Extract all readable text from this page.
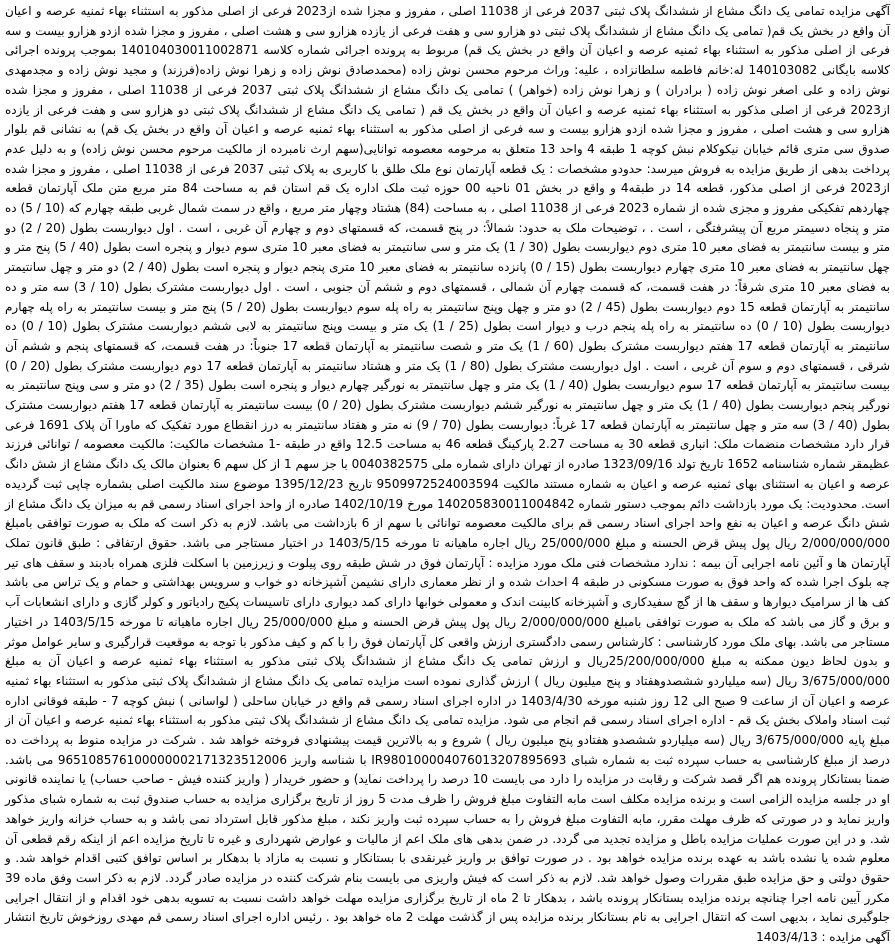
آگهی مزایده تمامی یک دانگ مشاع از ششدانگ پلاک ثبتی 2037 فرعی از 11038 اصلی ، مفروز و مجزا شده از2023 فرعی از اصلی مذکور به استثناء بهاء ثمنیه عرصه و اعیان آن واقع در بخش یک قم( تمامی یک دانگ مشاع از ششدانگ پلاک ثبتی دو هزارو سی و هفت فرعی از یازده هزارو سی و هشت اصلی ، مفروز و مجزا شده ازدو هزارو بیست و سه فرعی از اصلی مذکور به استثناء بهاء ثمنیه عرصه و اعیان آن واقع در بخش یک قم) مربوط به پرونده اجرائی شماره کلاسه 140104030011002871 بموجب پرونده اجرائی کلاسه بایگانی 140103082 له:خانم فاطمه سلطانزاده ، علیه: وراث مرحوم محسن نوش زاده (محمدصادق نوش زاده و زهرا نوش زاده(فرزند) و مجید نوش زاده و مجدمهدی نوش زاده و علی اصغر نوش زاده ( برادران ) و زهرا نوش زاده (خواهر) ) تمامی یک دانگ مشاع از ششدانگ پلاک ثبتی 2037 فرعی از 11038 اصلی ، مفروز و مجزا شده از2023 فرعی از اصلی مذکور به استثناء بهاء ثمنیه عرصه و اعیان آن واقع در بخش یک قم ( تمامی یک دانگ مشاع از ششدانگ پلاک ثبتی دو هزارو سی و هفت فرعی از یازده هزارو سی و هشت اصلی ، مفروز و مجزا شده ازدو هزارو بیست و سه فرعی از اصلی مذکور به استثناء بهاء ثمنیه عرصه و اعیان آن واقع در بخش یک قم) به نشانی قم بلوار صدوق سی متری قائم خیابان نیکوکلام نبش کوچه 1 طبقه 4 واحد 13 متعلق به مرحومه معصومه توانایی(سهم ارث نامبرده از مالکیت مرحوم محسن نوش زاده) و به دلیل عدم پرداخت بدهی از طریق مزایده به فروش میرسد: حدودو مشخصات : یک قطعه آپارتمان نوع ملک طلق با کاربری به پلاک ثبتی 2037 فرعی از 11038 اصلی ، مفروز و مجزا شده از2023 فرعی از اصلی مذکور، قطعه 14 در طبقه4 و واقع در بخش 01 ناحیه 00 حوزه ثبت ملک اداره یک قم استان قم به مساحت 84 متر مربع متن ملک آپارتمان قطعه چهاردهم تفکیکی مفروز و مجزی شده از شماره 2023 فرعی از 11038 اصلی ، به مساحت (84) هشتاد وچهار متر مربع ، واقع در سمت شمال غربی طبقه چهارم که (10 / 5) ده متر و پنجاه دسیمتر مربع آن پیشرفتگی ، است . ، توضیحات ملک به حدود: شمالاً: در پنج قسمت، که قسمتهای دوم و چهارم آن غربی ، است . اول دیواربست بطول (20 / 2) دو متر و بیست سانتیمتر به فضای معبر 10 متری دوم دیواربست بطول (30 / 1) یک متر و سی سانتیمتر به فضای معبر 10 متری سوم دیوار و پنجره است بطول (40 / 5) پنج متر و چهل سانتیمتر به فضای معبر 10 متری چهارم دیواربست بطول (15 / 0) پانزده سانتیمتر به فضای معبر 10 متری پنجم دیوار و پنجره است بطول (40 / 2) دو متر و چهل سانتیمتر به فضای معبر 10 متری شرقاً: در هفت قسمت، که قسمت چهارم آن شمالی ، قسمتهای دوم و ششم آن جنوبی ، است . اول دیواربست مشترک بطول (10 / 3) سه متر و ده سانتیمتر به آپارتمان قطعه 15 دوم دیواربست بطول (45 / 2) دو متر و چهل وپنج سانتیمتر به راه پله سوم دیواربست بطول (20 / 5) پنج متر و بیست سانتیمتر به راه پله چهارم دیواربست بطول (10 / 0) ده سانتیمتر به راه پله پنجم درب و دیوار است بطول (25 / 1) یک متر و بیست وپنج سانتیمتر به لابی ششم دیواربست مشترک بطول (10 / 0) ده سانتیمتر به آپارتمان قطعه 17 هفتم دیواربست مشترک بطول (60 / 1) یک متر و شصت سانتیمتر به آپارتمان قطعه 17 جنوباً: در هفت قسمت، که قسمتهای پنجم و ششم آن شرقی ، قسمتهای دوم و سوم آن غربی ، است . اول دیواربست مشترک بطول (80 / 1) یک متر و هشتاد سانتیمتر به آپارتمان قطعه 17 دوم دیواربست مشترک بطول (20 / 0) بیست سانتیمتر به آپارتمان قطعه 17 سوم دیواربست بطول (40 / 1) یک متر و چهل سانتیمتر به نورگیر چهارم دیوار و پنجره است بطول (35 / 2) دو متر و سی وپنج سانتیمتر به نورگیر پنجم دیواربست بطول (40 / 1) یک متر و چهل سانتیمتر به نورگیر ششم دیواربست مشترک بطول (20 / 0) بیست سانتیمتر به آپارتمان قطعه 17 هفتم دیواربست مشترک بطول (40 / 3) سه متر و چهل سانتیمتر به آپارتمان قطعه 17 غرباً: دیواربست بطول (70 / 9) نه متر و هفتاد سانتیمتر به درز انقطاع مورد تفکیک که ماورا آن پلاک 1691 فرعی قرار دارد مشخصات منضمات ملک: انباری قطعه 30 به مساحت 2.27 پارکینگ قطعه 46 به مساحت 12.5 واقع در طبقه -1 مشخصات مالکیت: مالکیت معصومه / توانائی فرزند عظیمقر شماره شناسنامه 1652 تاریخ تولد 1323/09/16 صادره از تهران دارای شماره ملی 0040382575 با جز سهم 1 از کل سهم 6 بعنوان مالک یک دانگ مشاع از شش دانگ عرصه و اعیان به استثنای بهای ثمنیه عرصه و اعیان به شماره مستند مالکیت 9509972524003594 تاریخ 1395/12/23 موضوع سند مالکیت اصلی بشماره چاپی ثبت گردیده است. محدودیت: یک مورد بازداشت دائم بموجب دستور شماره 140205830011004842 مورخ 1402/10/19 صادره از واحد اجرای اسناد رسمی قم به میزان یک دانگ مشاع از شش دانگ عرصه و اعیان به نفع واحد اجرای اسناد رسمی قم برای مالکیت معصومه توانائی با سهم از 6 بازداشت می باشد. لازم به ذکر است که ملک به صورت توافقی بامبلغ 2/000/000/000 ریال پول پیش قرض الحسنه و مبلغ 25/000/000 ریال اجاره ماهیانه تا مورخه 1403/5/15 در اختیار مستاجر می باشد. حقوق ارتفاقی : طبق قانون تملک آپارتمان ها و آئین نامه اجرایی آن بیمه : ندارد مشخصات فنی ملک مورد مزایده : آپارتمان فوق در شش طبقه روی پیلوت و زیرزمین با اسکلت فلزی همراه بادبند و سقف های تیر چه بلوک اجرا شده که واحد فوق به صورت مسکونی در طبقه 4 احداث شده و از نظر معماری دارای نشیمن آشپزخانه دو خواب و سرویس بهداشتی و حمام و یک تراس می باشد کف ها از سرامیک دیوارها و سقف ها از گچ سفیدکاری و آشپزخانه کابینت اندک و معمولی خوابها دارای کمد دیواری دارای تاسیسات پکیج رادیاتور و کولر گازی و دارای انشعابات آب و برق و گاز می باشد که ملک به صورت توافقی بامبلغ 2/000/000/000 ریال پول پیش قرض الحسنه و مبلغ 25/000/000 ریال اجاره ماهیانه تا مورخه 1403/5/15 در اختیار مستاجر می باشد. بهای ملک مورد کارشناسی : کارشناس رسمی دادگستری ارزش واقعی کل آپارتمان فوق را با کم و کیف مذکور با توجه به موقعیت قرارگیری و سایر عوامل موثر و بدون لحاظ دیون ممکنه به مبلغ 25/200/000/000ریال و ارزش تمامی یک دانگ مشاع از ششدانگ پلاک ثبتی مذکور به استثناء بهاء ثمنیه عرصه و اعیان آن به مبلغ 3/675/000/000 ریال (سه میلیاردو ششصدوهفتاد و پنج میلیون ریال ) ارزش گذاری نموده است مزایده تمامی یک دانگ مشاع از ششدانگ پلاک ثبتی مذکور به استثناء بهاء ثمنیه عرصه و اعیان آن از ساعت 9 صبح الی 12 روز شنبه مورخه 1403/4/30 در اداره اجرای اسناد رسمی قم واقع در خیابان ساحلی ( لواسانی ) نبش کوچه 7 - طبقه فوقانی اداره ثبت اسناد واملاک بخش یک قم - اداره اجرای اسناد رسمی قم انجام می شود. مزایده تمامی یک دانگ مشاع از ششدانگ پلاک ثبتی مذکور به استثناء بهاء ثمنیه عرصه و اعیان آن از مبلغ پایه 3/675/000/000 ریال (سه میلیاردو ششصدو هفتادو پنج میلیون ریال ) شروع و به بالاترین قیمت پیشنهادی فروخته خواهد شد . شرکت در مزایده منوط به پرداخت ده درصد از مبلغ کارشناسی به حساب سپرده ثبت به شماره شبای IR980100004076013207895693 با شناسه واریز 965108576100000002171323512006 می باشد. ضمنا بستانکار پرونده هم اگر قصد شرکت و رقابت در مزایده را دارد می بایست 10 درصد را پرداخت نماید) و حضور خریدار ( واریز کننده فیش - صاحب حساب) یا نماینده قانونی او در جلسه مزایده الزامی است و برنده مزایده مکلف است مابه التفاوت مبلغ فروش را ظرف مدت 5 روز از تاریخ برگزاری مزایده به حساب صندوق ثبت به شماره شبای مذکور واریز نماید و در صورتی که ظرف مهلت مقرر، مابه التفاوت مبلغ فروش را به حساب سپرده ثبت واریز نکند ، مبلغ مذکور قابل استرداد نمی باشد و به حساب خزانه واریز خواهد شد. و در این صورت عملیات مزایده باطل و مزایده تجدید می گردد. در ضمن بدهی های ملک اعم از مالیات و عوارض شهرداری و غیره تا تاریخ مزایده اعم از اینکه رقم قطعی آن معلوم شده یا نشده باشد به عهده برنده مزایده خواهد بود . در صورت توافق بر واریز غیرنقدی با بستانکار و نسبت به مازاد با بدهکار بر اساس توافق کتبی اقدام خواهد شد. و حقوق دولتی و حق مزایده طبق مقررات وصول خواهد شد. لازم به ذکر است که فیش واریزی می بایست بنام شرکت کننده در مزایده صادر گردد. لازم به ذکر است وفق ماده 39 مکرر آیین نامه اجرا چنانچه برنده مزایده بستانکار پرونده باشد ، بدهکار تا 2 ماه از تاریخ برگزاری مزایده مهلت خواهد داشت نسبت به تسویه بدهی خود اقدام و از انتقال اجرایی جلوگیری نماید ، بدیهی است که انتقال اجرایی به نام بستانکار برنده مزایده پس از گذشت مهلت 2 ماه خواهد بود . رئیس اداره اجرای اسناد رسمی قم مهدی روزخوش تاریخ انتشار آگهی مزایده : 1403/4/13
